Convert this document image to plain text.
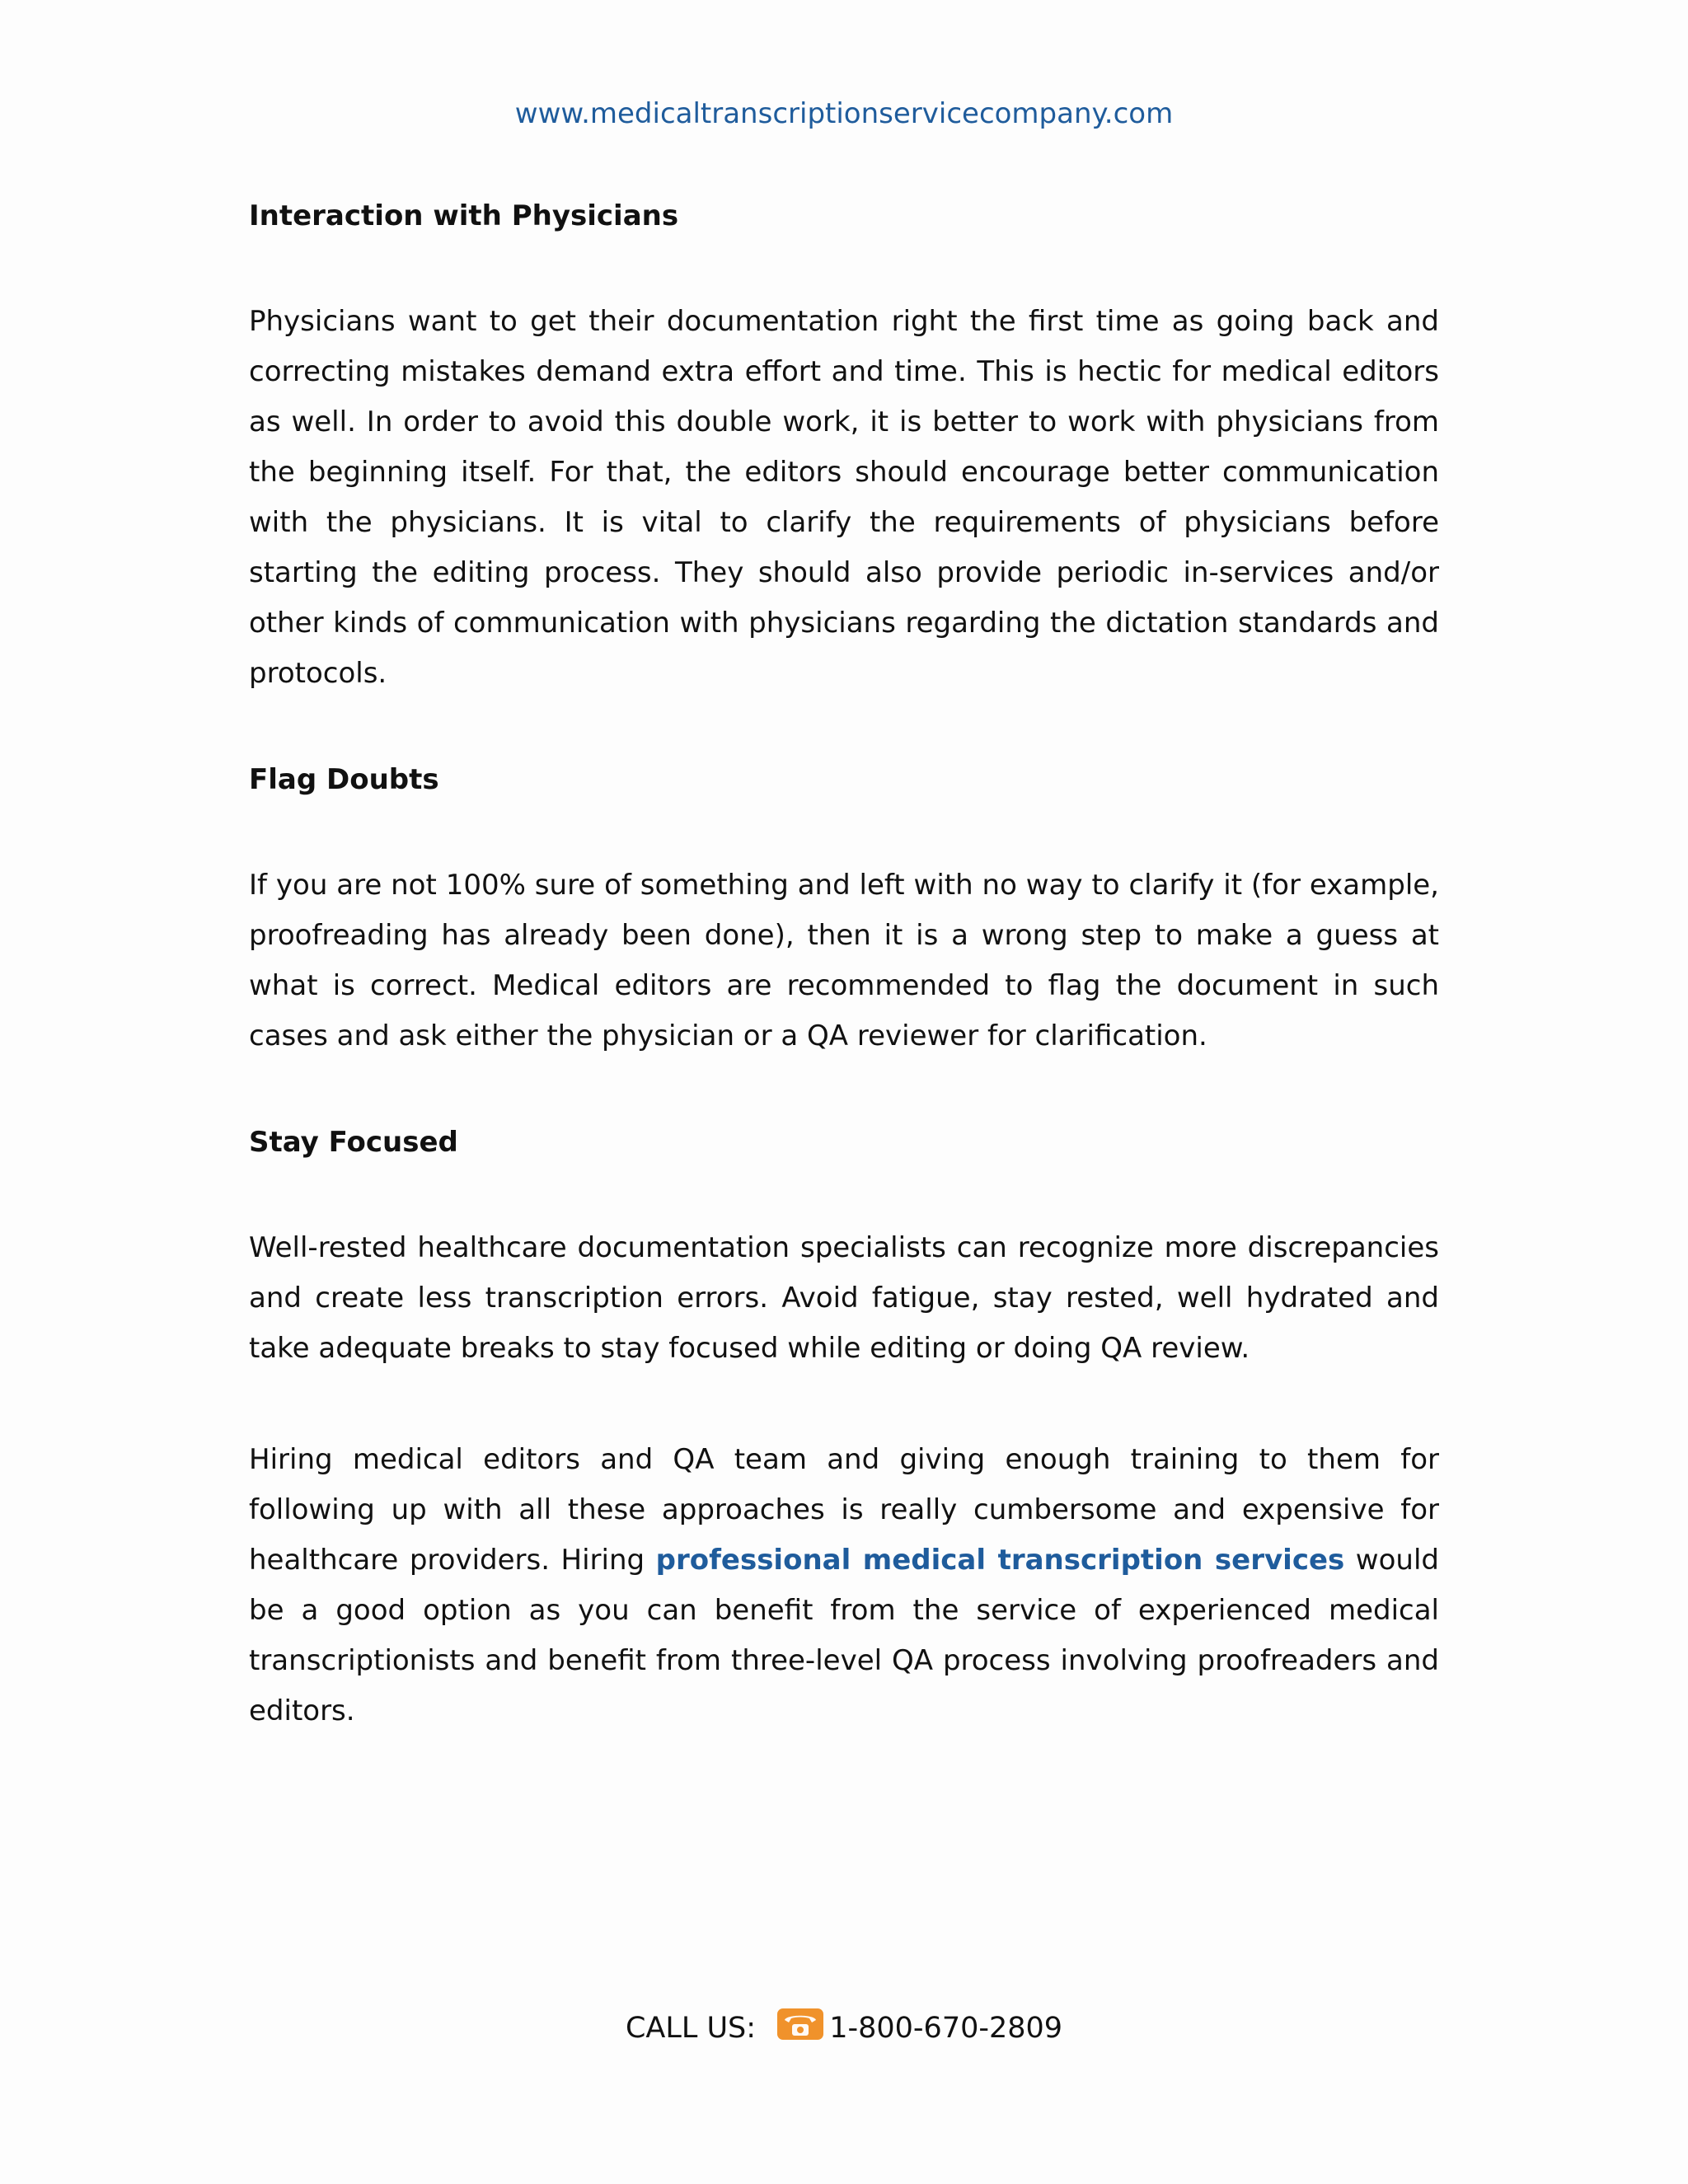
www.medicaltranscriptionservicecompany.com
Interaction with Physicians

Physicians want to get their documentation right the first time as going back and correcting mistakes demand extra effort and time. This is hectic for medical editors as well. In order to avoid this double work, it is better to work with physicians from the beginning itself. For that, the editors should encourage better communication with the physicians. It is vital to clarify the requirements of physicians before starting the editing process. They should also provide periodic in-services and/or other kinds of communication with physicians regarding the dictation standards and protocols.

Flag Doubts

If you are not 100% sure of something and left with no way to clarify it (for example, proofreading has already been done), then it is a wrong step to make a guess at what is correct. Medical editors are recommended to flag the document in such cases and ask either the physician or a QA reviewer for clarification.

Stay Focused

Well-rested healthcare documentation specialists can recognize more discrepancies and create less transcription errors. Avoid fatigue, stay rested, well hydrated and take adequate breaks to stay focused while editing or doing QA review.

Hiring medical editors and QA team and giving enough training to them for following up with all these approaches is really cumbersome and expensive for healthcare providers. Hiring professional medical transcription services would be a good option as you can benefit from the service of experienced medical transcriptionists and benefit from three-level QA process involving proofreaders and editors.

CALL US:	1-800-670-2809
